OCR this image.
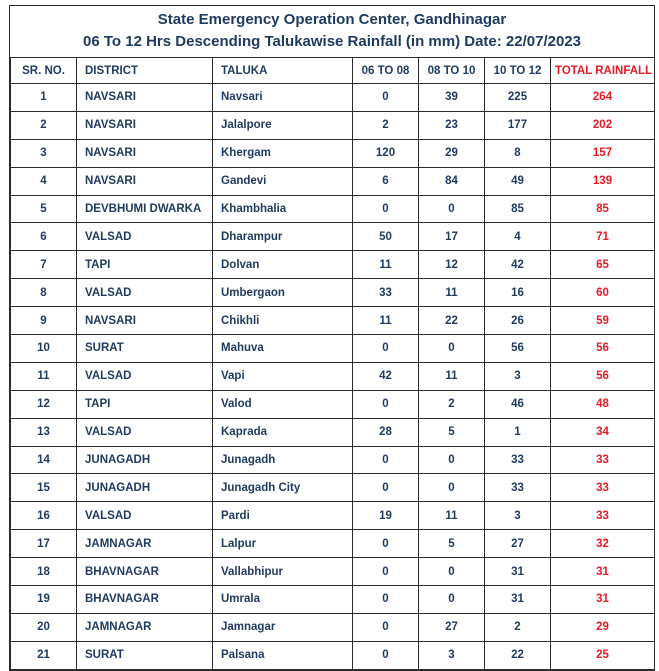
State Emergency Operation Center, Gandhinagar
06 To 12 Hrs Descending Talukawise Rainfall (in mm) Date: 22/07/2023
SR. NO.	DISTRICT	TALUKA	06 TO 08	08 TO 10	10 TO 12	TOTAL RAINFALL
1	NAVSARI	Navsari	0	39	225	264
2	NAVSARI	Jalalpore	2	23	177	202
3	NAVSARI	Khergam	120	29	8	157
4	NAVSARI	Gandevi	6	84	49	139
5	DEVBHUMI DWARKA	Khambhalia	0	0	85	85
6	VALSAD	Dharampur	50	17	4	71
7	TAPI	Dolvan	11	12	42	65
8	VALSAD	Umbergaon	33	11	16	60
9	NAVSARI	Chikhli	11	22	26	59
10	SURAT	Mahuva	0	0	56	56
11	VALSAD	Vapi	42	11	3	56
12	TAPI	Valod	0	2	46	48
13	VALSAD	Kaprada	28	5	1	34
14	JUNAGADH	Junagadh	0	0	33	33
15	JUNAGADH	Junagadh City	0	0	33	33
16	VALSAD	Pardi	19	11	3	33
17	JAMNAGAR	Lalpur	0	5	27	32
18	BHAVNAGAR	Vallabhipur	0	0	31	31
19	BHAVNAGAR	Umrala	0	0	31	31
20	JAMNAGAR	Jamnagar	0	27	2	29
21	SURAT	Palsana	0	3	22	25
